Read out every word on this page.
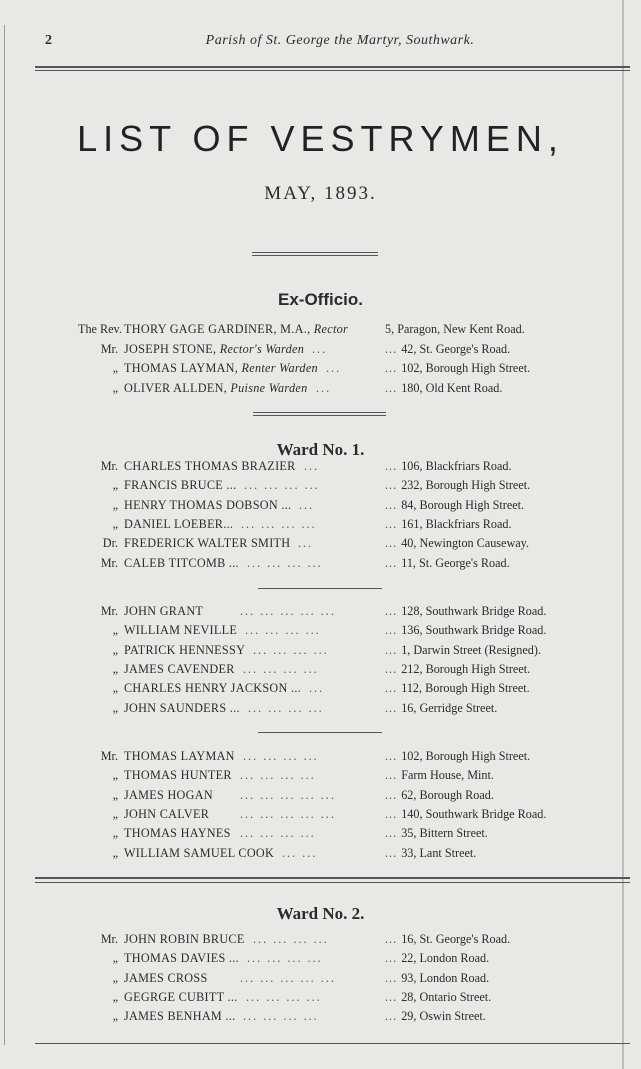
2	Parish of St. George the Martyr, Southwark.
LIST OF VESTRYMEN,
MAY, 1893.
Ex-Officio.
The Rev. THORY GAGE GARDINER, M.A., Rector	5, Paragon, New Kent Road.
Mr. JOSEPH STONE, Rector's Warden ...	... 42, St. George's Road.
„ THOMAS LAYMAN, Renter Warden ...	... 102, Borough High Street.
„ OLIVER ALLDEN, Puisne Warden ...	... 180, Old Kent Road.
Ward No. 1.
Mr. CHARLES THOMAS BRAZIER ...	... 106, Blackfriars Road.
„ FRANCIS BRUCE ... ... ... ... ...	... 232, Borough High Street.
„ HENRY THOMAS DOBSON ... ...	... 84, Borough High Street.
„ DANIEL LOEBER... ... ... ... ...	... 161, Blackfriars Road.
Dr. FREDERICK WALTER SMITH ...	... 40, Newington Causeway.
Mr. CALEB TITCOMB ... ... ... ... ...	... 11, St. George's Road.
Mr. JOHN GRANT	... ... ... ... ...	... 128, Southwark Bridge Road.
„ WILLIAM NEVILLE ... ... ... ...	... 136, Southwark Bridge Road.
„ PATRICK HENNESSY ... ... ... ...	... 1, Darwin Street (Resigned).
„ JAMES CAVENDER ... ... ... ...	... 212, Borough High Street.
„ CHARLES HENRY JACKSON ... ...	... 112, Borough High Street.
„ JOHN SAUNDERS ... ... ... ... ...	... 16, Gerridge Street.
Mr. THOMAS LAYMAN ... ... ... ...	... 102, Borough High Street.
„ THOMAS HUNTER ... ... ... ...	... Farm House, Mint.
„ JAMES HOGAN ... ... ... ... ...	... 62, Borough Road.
„ JOHN CALVER	... ... ... ... ...	... 140, Southwark Bridge Road.
„ THOMAS HAYNES ... ... ... ...	... 35, Bittern Street.
„ WILLIAM SAMUEL COOK ... ...	... 33, Lant Street.
Ward No. 2.
Mr. JOHN ROBIN BRUCE ... ... ... ...	... 16, St. George's Road.
„ THOMAS DAVIES ... ... ... ... ...	... 22, London Road.
„ JAMES CROSS	... ... ... ... ...	... 93, London Road.
„ GEGRGE CUBITT ... ... ... ... ...	... 28, Ontario Street.
„ JAMES BENHAM ... ... ... ... ...	... 29, Oswin Street.
